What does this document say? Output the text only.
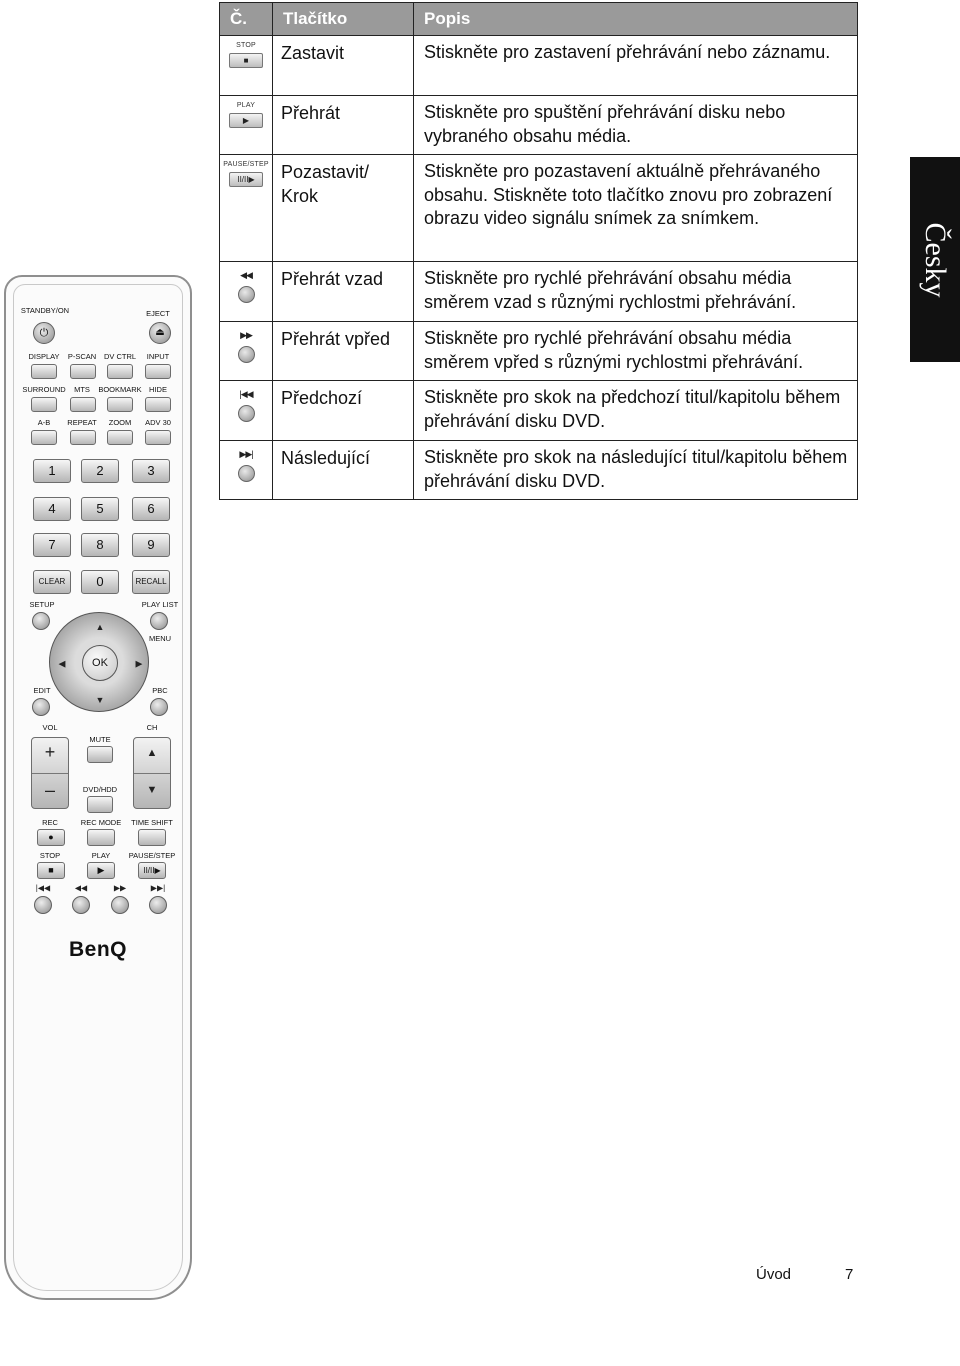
Č.	Tlačítko	Popis

STOP
■	Zastavit	Stiskněte pro zastavení přehrávání nebo záznamu.

PLAY
▶	Přehrát	Stiskněte pro spuštění přehrávání disku nebo vybraného obsahu média.

PAUSE/STEP
II/II▶	Pozastavit/ Krok	Stiskněte pro pozastavení aktuálně přehrávaného obsahu. Stiskněte toto tlačítko znovu pro zobrazení obrazu video signálu snímek za snímkem.

◀◀	Přehrát vzad	Stiskněte pro rychlé přehrávání obsahu média směrem vzad s různými rychlostmi přehrávání.

▶▶	Přehrát vpřed	Stiskněte pro rychlé přehrávání obsahu média směrem vpřed s různými rychlostmi přehrávání.

|◀◀	Předchozí	Stiskněte pro skok na předchozí titul/kapitolu během přehrávání disku DVD.

▶▶|	Následující	Stiskněte pro skok na následující titul/kapitolu během přehrávání disku DVD.
Česky
STANDBY/ON	EJECT
⏻	⏏
DISPLAY P-SCAN DV CTRL INPUT
SURROUND MTS BOOKMARK HIDE
A-B REPEAT ZOOM ADV 30
1	2	3
4	5	6
7	8	9
CLEAR	0	RECALL
SETUP	PLAY LIST
MENU
OK
▲
▼
◀	▶
EDIT	PBC
VOL	CH
MUTE
+
–
▲
▼
DVD/HDD
REC	REC MODE TIME SHIFT
●
STOP	PLAY PAUSE/STEP
■	▶	II/II▶
|◀◀	◀◀	▶▶	▶▶|
BenQ
Úvod	7
